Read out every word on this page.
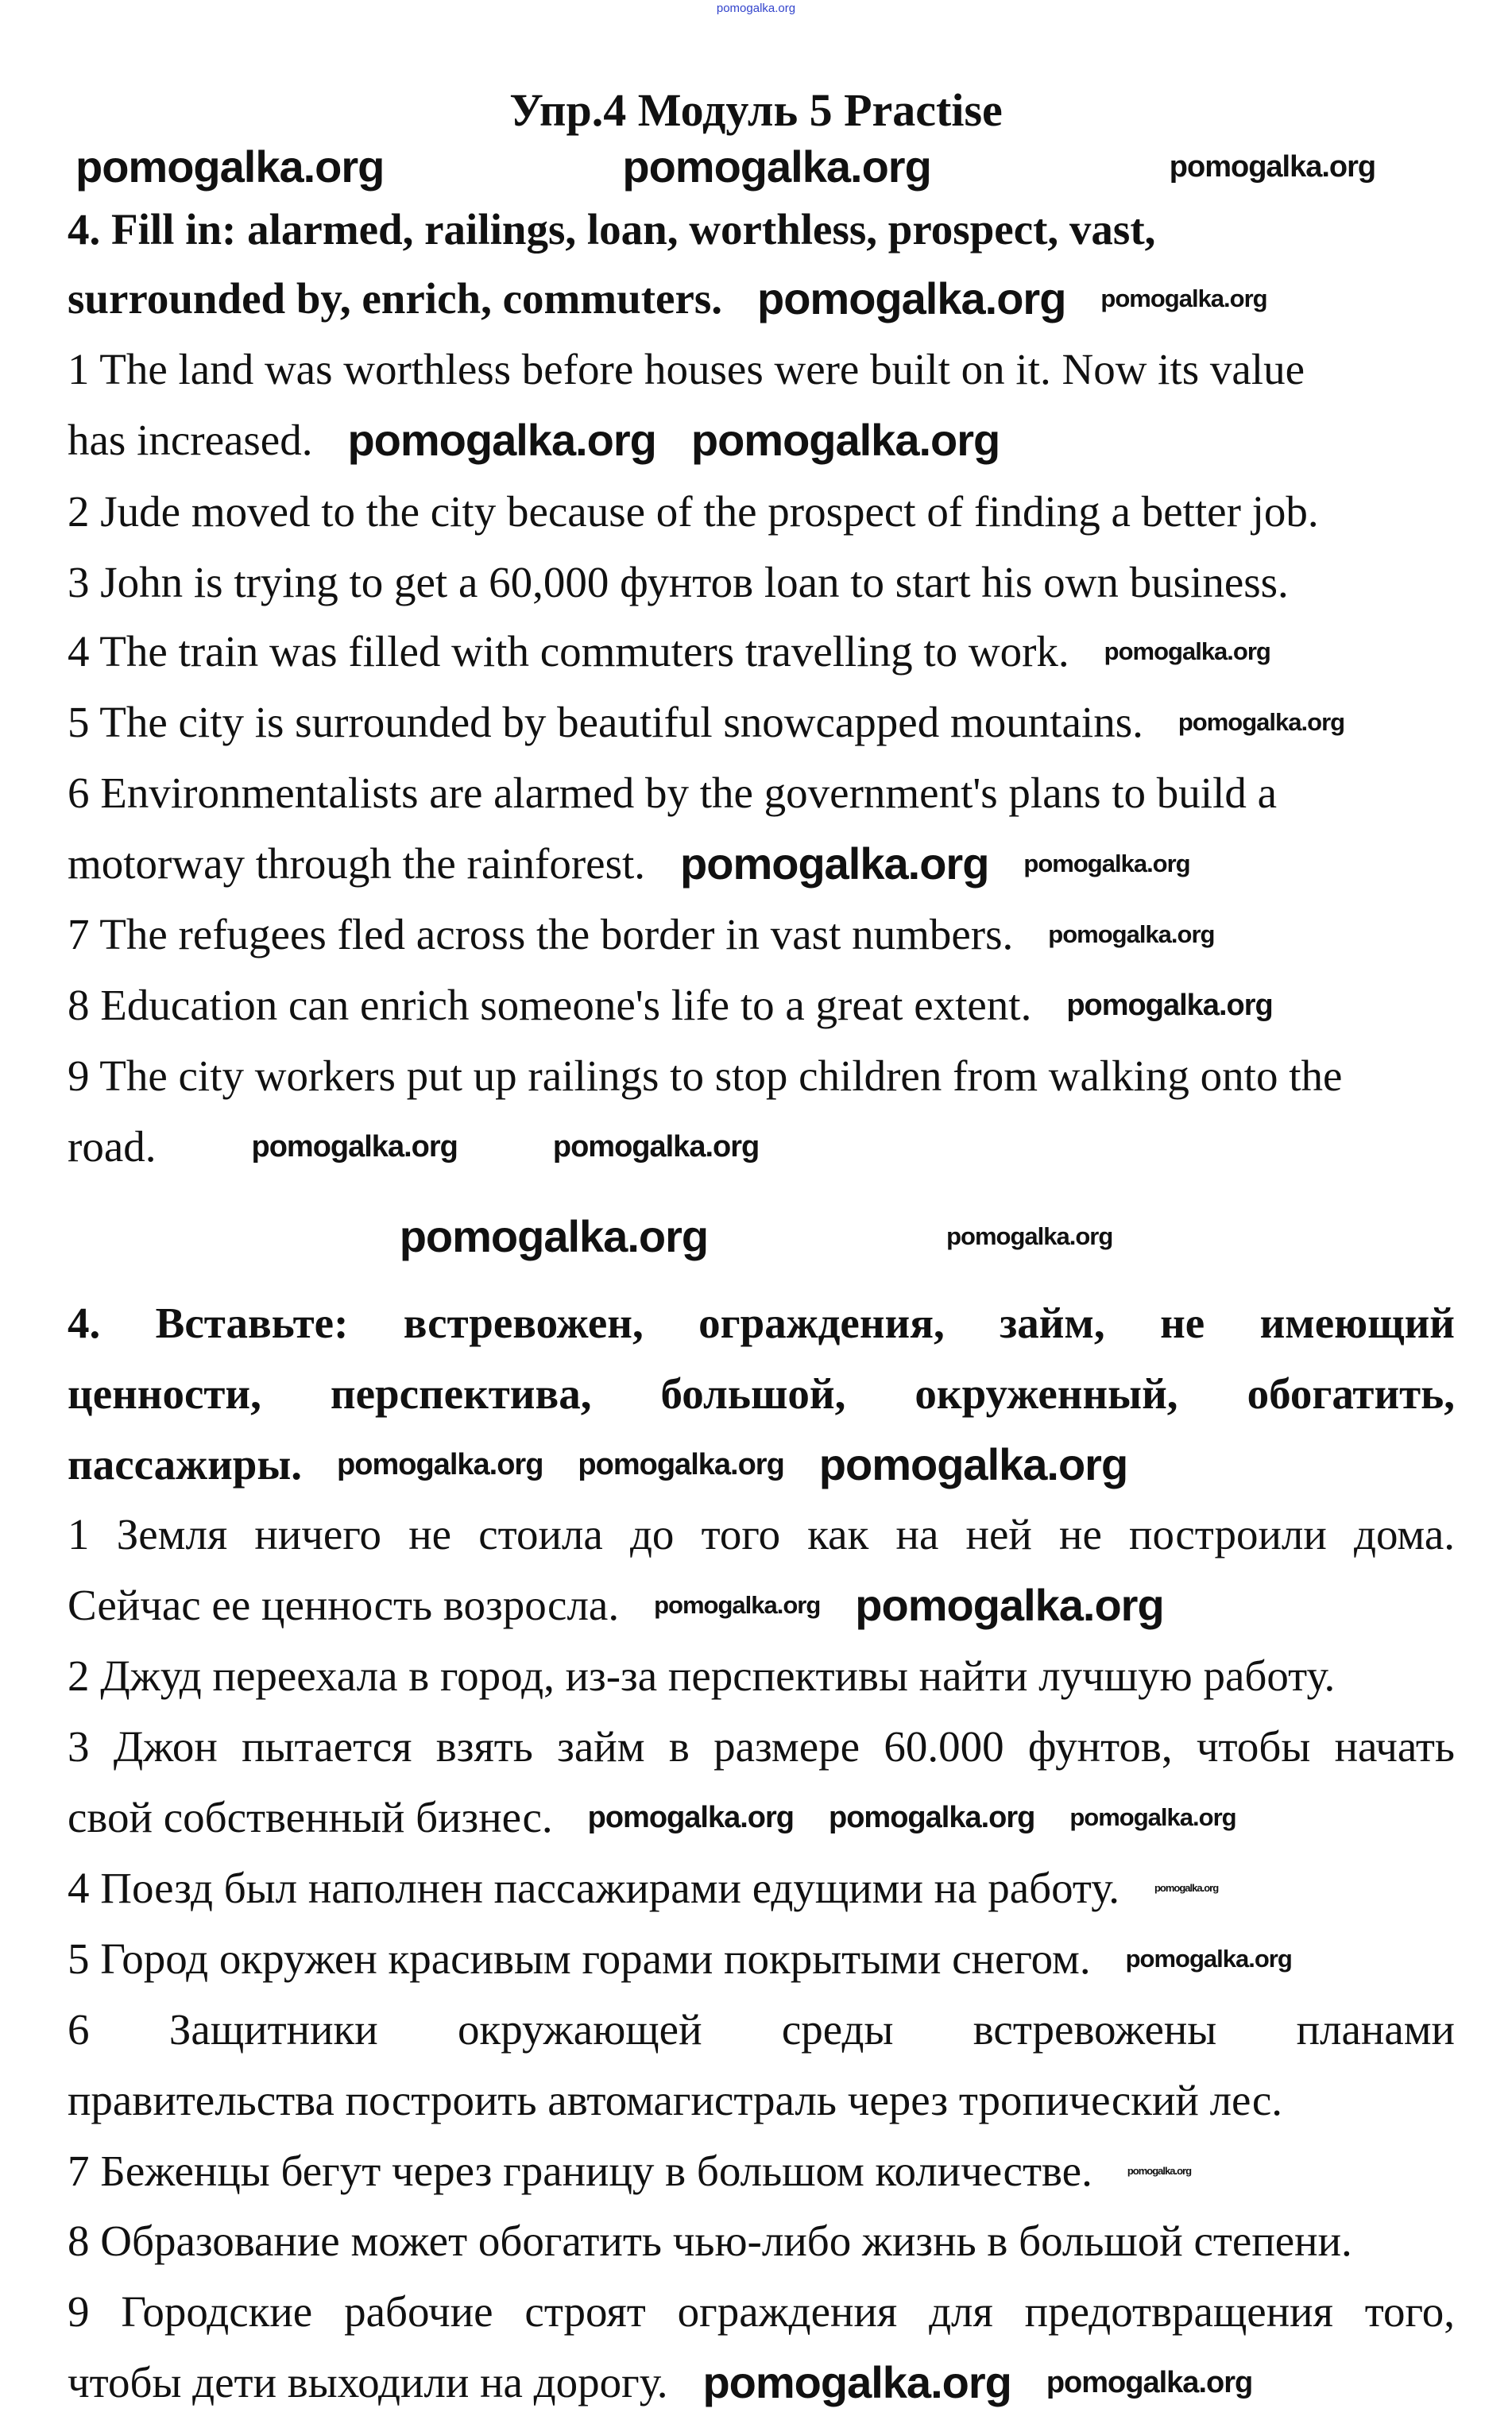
pomogalka.org
Упр.4 Модуль 5 Practise
pomogalka.org	pomogalka.org	pomogalka.org
4. Fill in: alarmed, railings, loan, worthless, prospect, vast,
surrounded by, enrich, commuters. pomogalka.org pomogalka.org
1 The land was worthless before houses were built on it. Now its value
has increased. pomogalka.org pomogalka.org
2 Jude moved to the city because of the prospect of finding a better job.
3 John is trying to get a 60,000 фунтов loan to start his own business.
4 The train was filled with commuters travelling to work. pomogalka.org
5 The city is surrounded by beautiful snowcapped mountains. pomogalka.org
6 Environmentalists are alarmed by the government's plans to build a
motorway through the rainforest. pomogalka.org pomogalka.org
7 The refugees fled across the border in vast numbers. pomogalka.org
8 Education can enrich someone's life to a great extent. pomogalka.org
9 The city workers put up railings to stop children from walking onto the
road.	pomogalka.org	pomogalka.org
pomogalka.org	pomogalka.org
4. Вставьте: встревожен, ограждения, займ, не имеющий
ценности, перспектива, большой, окруженный, обогатить,
пассажиры. pomogalka.org pomogalka.org pomogalka.org
1 Земля ничего не стоила до того как на ней не построили дома.
Сейчас ее ценность возросла. pomogalka.org pomogalka.org
2 Джуд переехала в город, из-за перспективы найти лучшую работу.
3 Джон пытается взять займ в размере 60.000 фунтов, чтобы начать
свой собственный бизнес. pomogalka.org pomogalka.org pomogalka.org
4 Поезд был наполнен пассажирами едущими на работу.	pomogalka.org
5 Город окружен красивым горами покрытыми снегом. pomogalka.org
6 Защитники окружающей среды встревожены планами
правительства построить автомагистраль через тропический лес.
7 Беженцы бегут через границу в большом количестве.	pomogalka.org
8 Образование может обогатить чью-либо жизнь в большой степени.
9 Городские рабочие строят ограждения для предотвращения того,
чтобы дети выходили на дорогу. pomogalka.org pomogalka.org
